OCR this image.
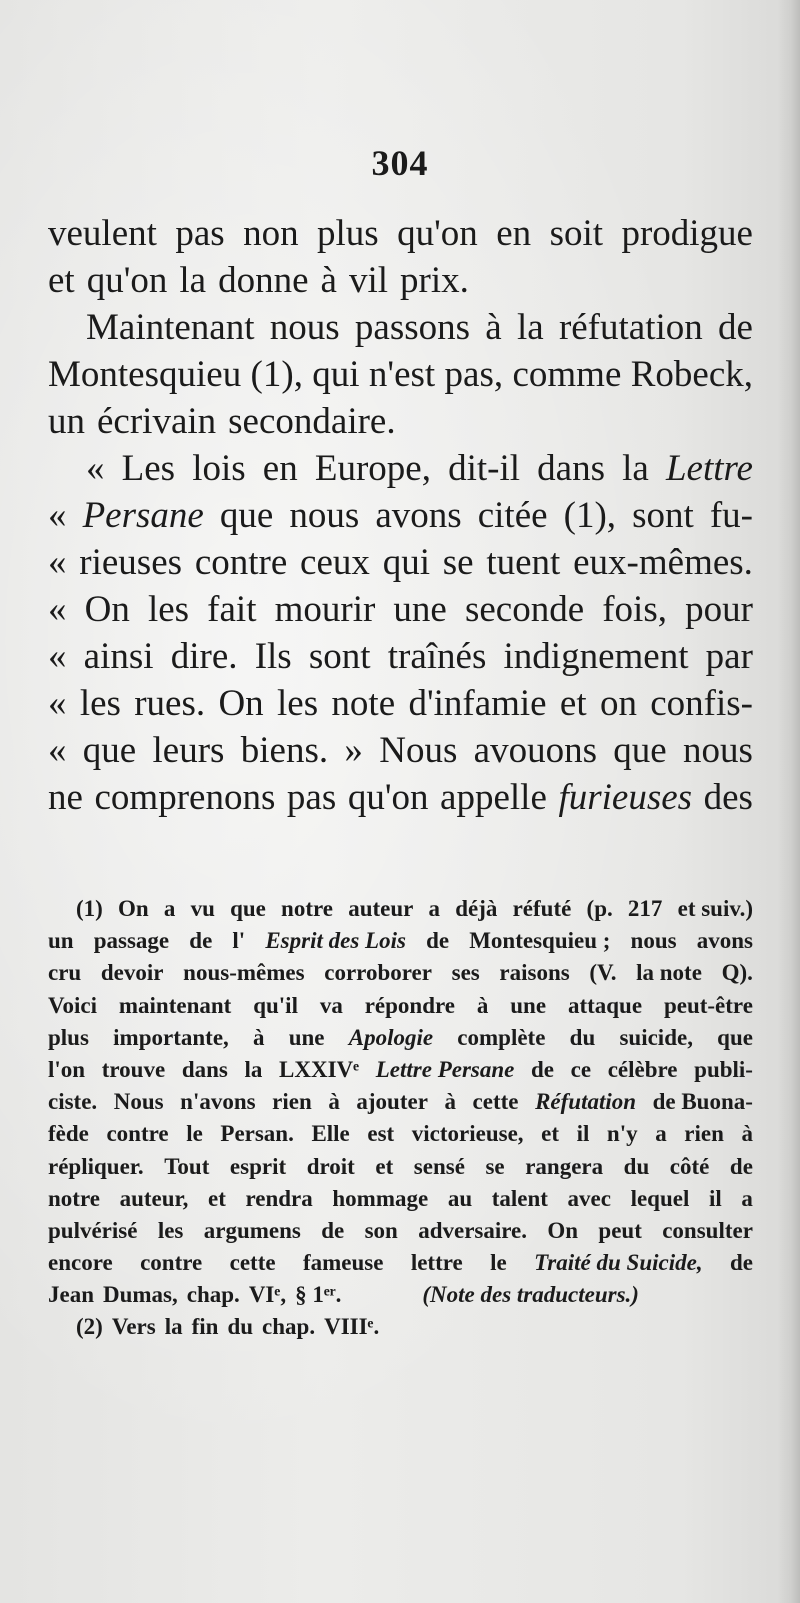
304
veulent pas non plus qu'on en soit prodigue
et qu'on la donne à vil prix.
Maintenant nous passons à la réfutation de
Montesquieu (1), qui n'est pas, comme Robeck,
un écrivain secondaire.
« Les lois en Europe, dit-il dans la Lettre
« Persane que nous avons citée (1), sont fu-
« rieuses contre ceux qui se tuent eux-mêmes.
« On les fait mourir une seconde fois, pour
« ainsi dire. Ils sont traînés indignement par
« les rues. On les note d'infamie et on confis-
« que leurs biens. » Nous avouons que nous
ne comprenons pas qu'on appelle furieuses des
(1) On a vu que notre auteur a déjà réfuté (p. 217 et suiv.)
un passage de l' Esprit des Lois de Montesquieu ; nous avons
cru devoir nous-mêmes corroborer ses raisons (V. la note Q).
Voici maintenant qu'il va répondre à une attaque peut-être
plus importante, à une Apologie complète du suicide, que
l'on trouve dans la LXXIVᵉ Lettre Persane de ce célèbre publi-
ciste. Nous n'avons rien à ajouter à cette Réfutation de Buona-
fède contre le Persan. Elle est victorieuse, et il n'y a rien à
répliquer. Tout esprit droit et sensé se rangera du côté de
notre auteur, et rendra hommage au talent avec lequel il a
pulvérisé les argumens de son adversaire. On peut consulter
encore contre cette fameuse lettre le Traité du Suicide, de
Jean Dumas, chap. VIᵉ, § 1ᵉʳ.	(Note des traducteurs.)
(2) Vers la fin du chap. VIIIᵉ.
